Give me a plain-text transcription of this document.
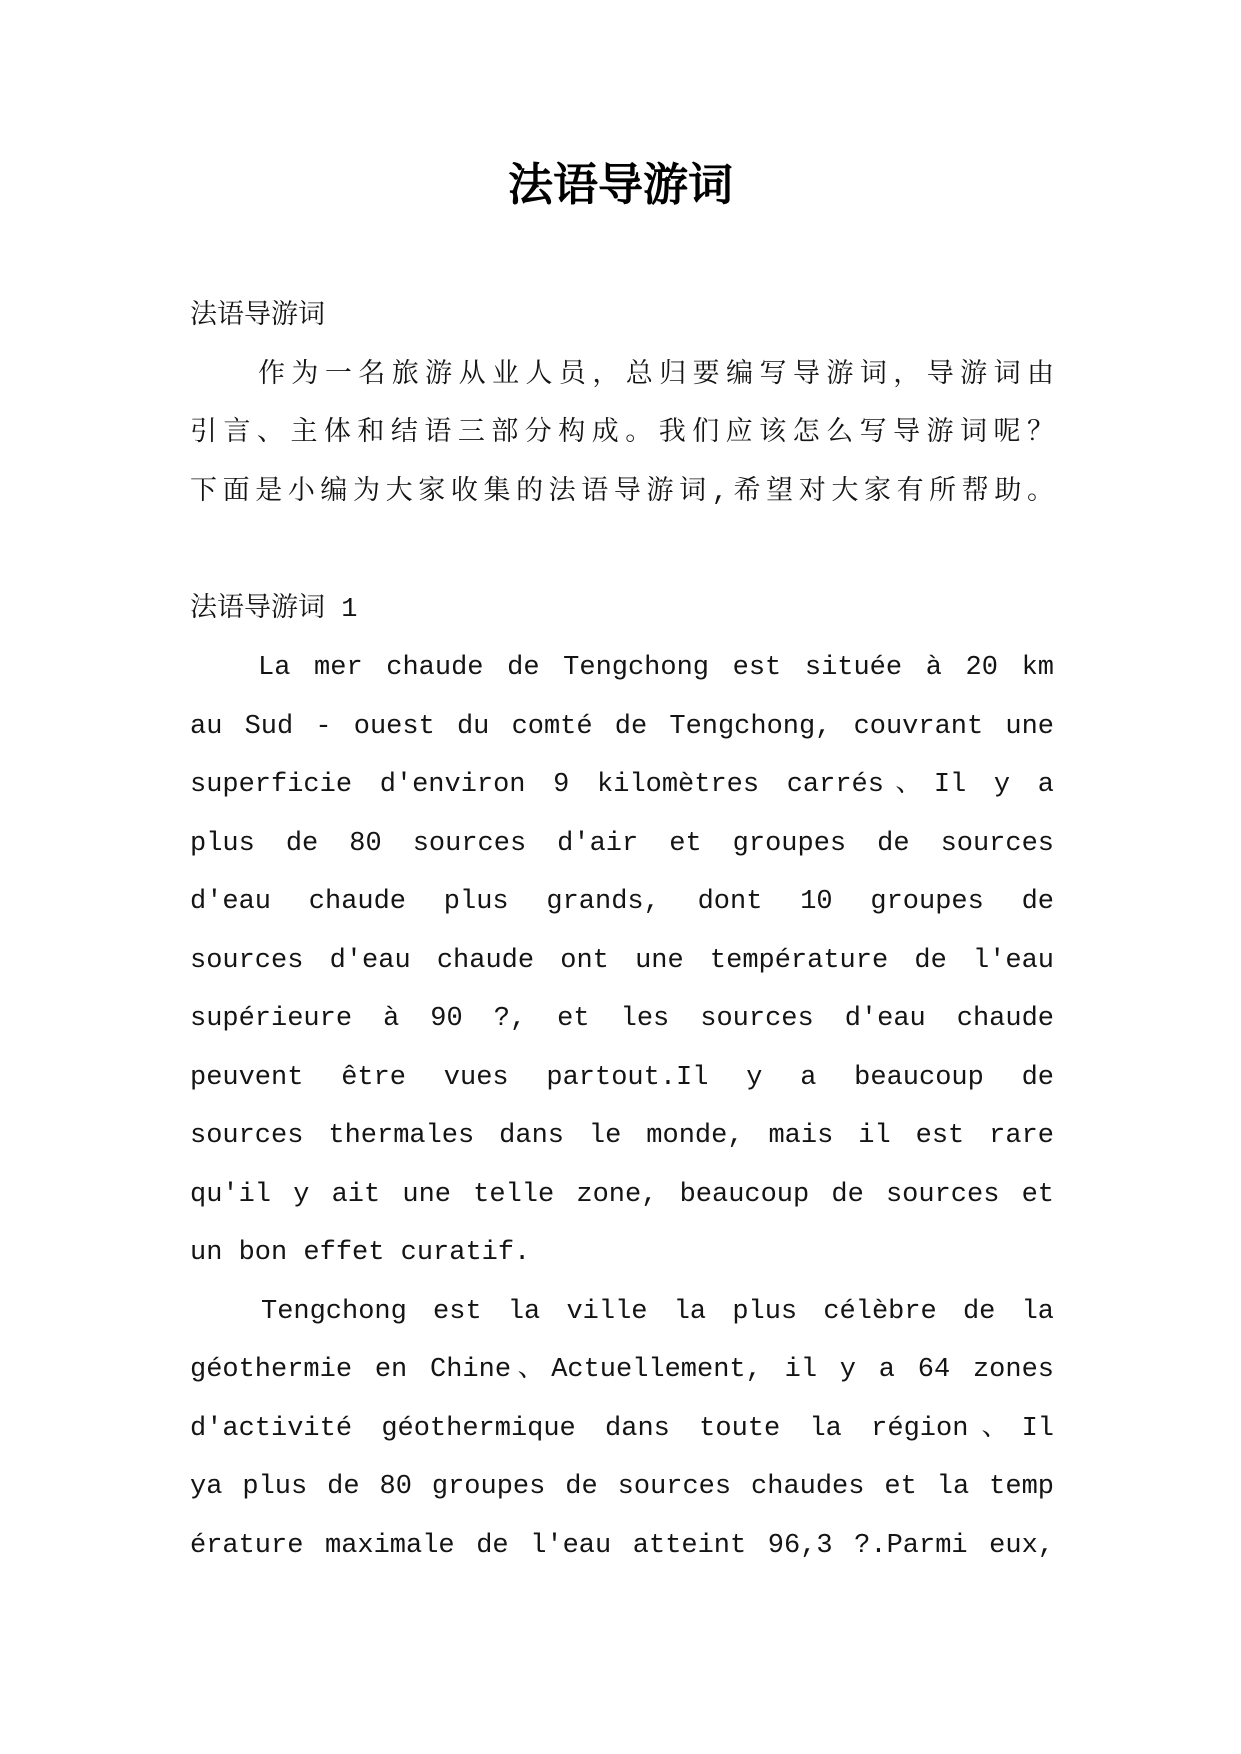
法语导游词
法语导游词
作为一名旅游从业人员，总归要编写导游词，导游词由
引言、主体和结语三部分构成。我们应该怎么写导游词呢？
下面是小编为大家收集的法语导游词,希望对大家有所帮助。
法语导游词 1
La mer chaude de Tengchong est située à 20 km
au Sud - ouest du comté de Tengchong, couvrant une
superficie d'environ 9 kilomètres carrés、Il y a
plus de 80 sources d'air et groupes de sources
d'eau chaude plus grands, dont 10 groupes de
sources d'eau chaude ont une température de l'eau
supérieure à 90 ?, et les sources d'eau chaude
peuvent être vues partout.Il y a beaucoup de
sources thermales dans le monde, mais il est rare
qu'il y ait une telle zone, beaucoup de sources et
un bon effet curatif.
Tengchong est la ville la plus célèbre de la
géothermie en Chine、Actuellement, il y a 64 zones
d'activité géothermique dans toute la région、Il
ya plus de 80 groupes de sources chaudes et la temp
érature maximale de l'eau atteint 96,3 ?.Parmi eux,
